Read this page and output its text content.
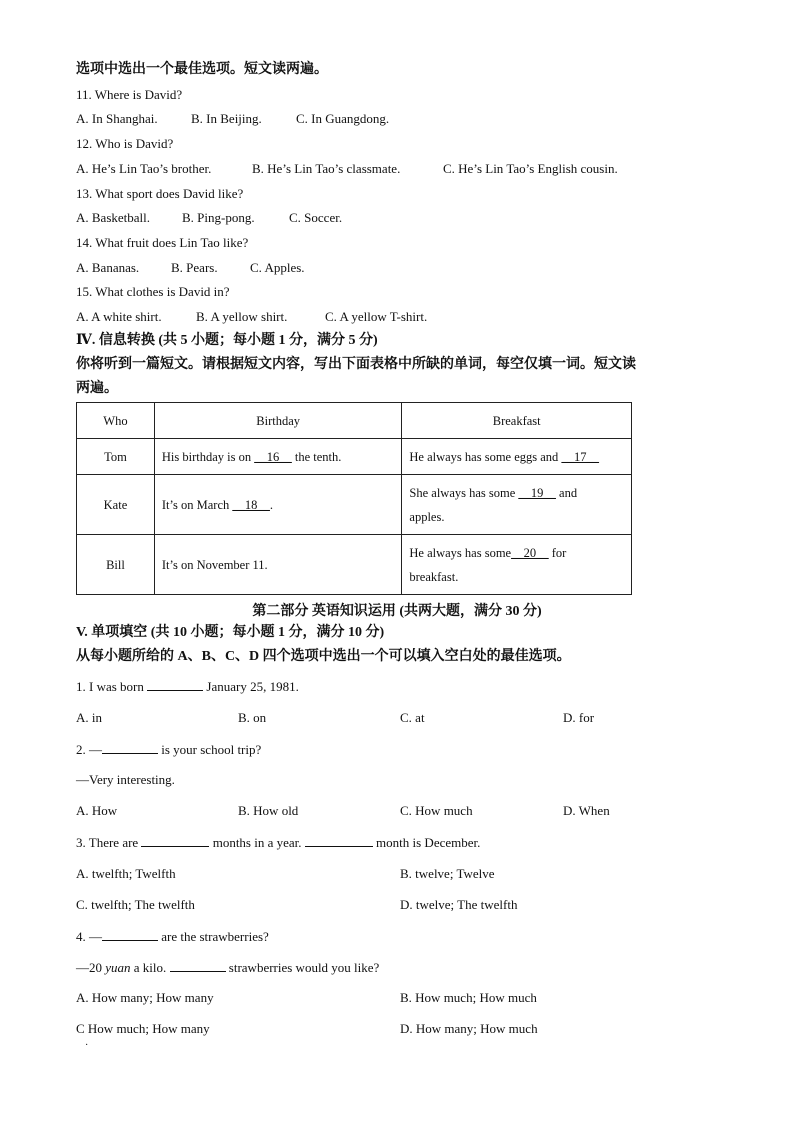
选项中选出一个最佳选项。短文读两遍。
11. Where is David?
A. In Shanghai.	B. In Beijing.	C. In Guangdong.
12. Who is David?
A. He’s Lin Tao’s brother.	B. He’s Lin Tao’s classmate.	C. He’s Lin Tao’s English cousin.
13. What sport does David like?
A. Basketball. B. Ping-pong.	C. Soccer.
14. What fruit does Lin Tao like?
A. Bananas. B. Pears. C. Apples.
15. What clothes is David in?
A. A white shirt.	B. A yellow shirt.	C. A yellow T-shirt.
Ⅳ. 信息转换 (共 5 小题；每小题 1 分，满分 5 分)
你将听到一篇短文。请根据短文内容，写出下面表格中所缺的单词，每空仅填一词。短文读
两遍。
Who	Birthday	Breakfast
Tom	His birthday is on __16__ the tenth.	He always has some eggs and __17__
Kate	It’s on March __18__.	She always has some __19__ and
apples.
Bill	It’s on November 11.	He always has some__20__ for
breakfast.
第二部分 英语知识运用 (共两大题，满分 30 分)
V. 单项填空 (共 10 小题；每小题 1 分，满分 10 分)
从每小题所给的 A、B、C、D 四个选项中选出一个可以填入空白处的最佳选项。
1. I was born	January 25, 1981.
A. in	B. on	C. at	D. for
2. —	is your school trip?
—Very interesting.
A. How	B. How old	C. How much	D. When
3. There are	months in a year.	month is December.
A. twelfth; Twelfth	B. twelve; Twelve
C. twelfth; The twelfth	D. twelve; The twelfth
4. —	are the strawberries?
—20 yuan a kilo.	strawberries would you like?
A. How many; How many	B. How much; How much
C How much; How many	D. How many; How much
·
